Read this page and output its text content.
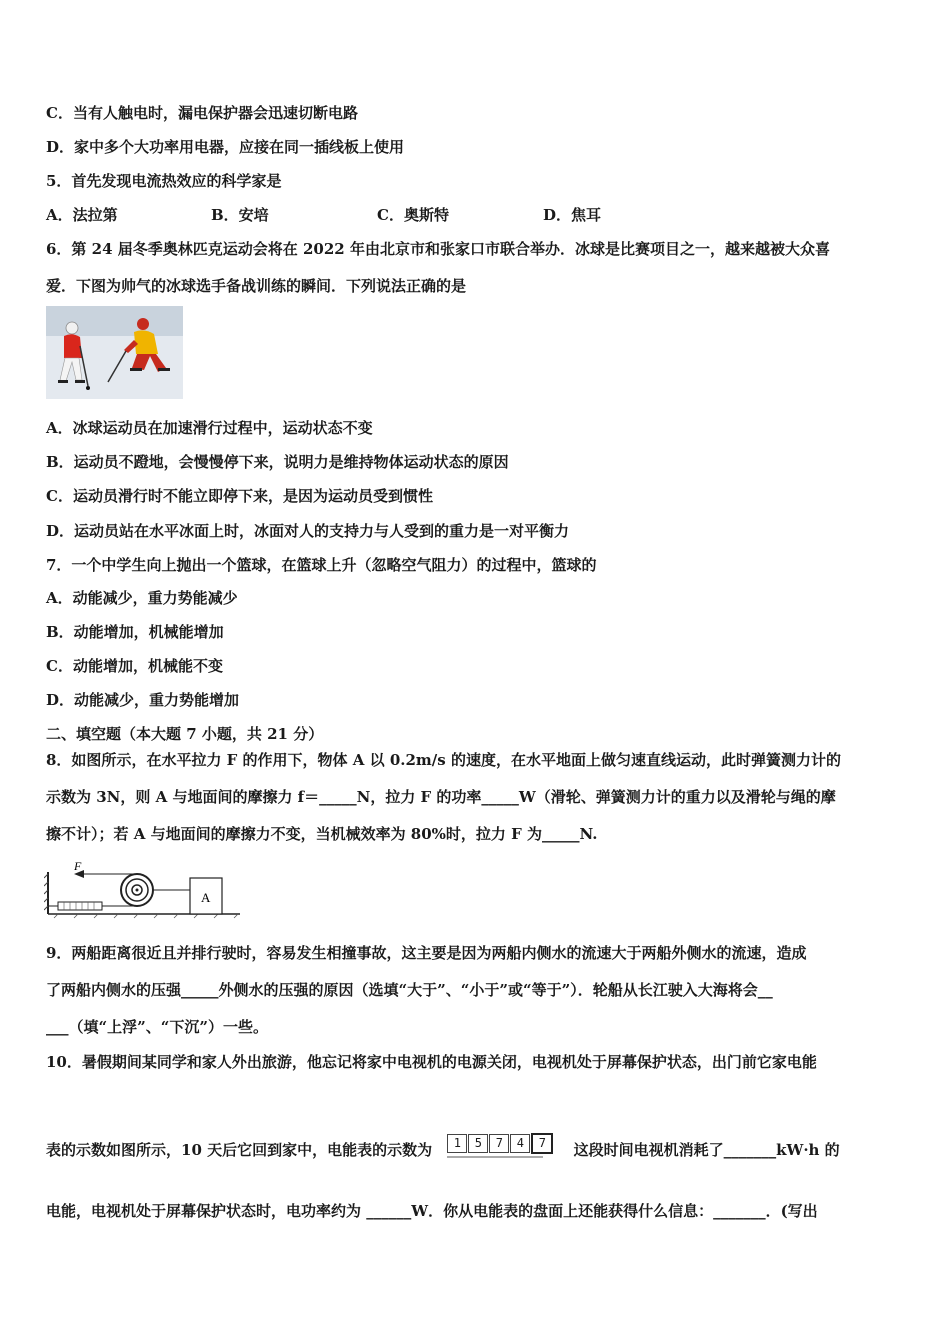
C．当有人触电时，漏电保护器会迅速切断电路
D．家中多个大功率用电器，应接在同一插线板上使用
5．首先发现电流热效应的科学家是
A．法拉第	B．安培	C．奥斯特	D．焦耳
6．第 24 届冬季奥林匹克运动会将在 2022 年由北京市和张家口市联合举办．冰球是比赛项目之一，越来越被大众喜
爱．下图为帅气的冰球选手备战训练的瞬间．下列说法正确的是
A．冰球运动员在加速滑行过程中，运动状态不变
B．运动员不蹬地，会慢慢停下来，说明力是维持物体运动状态的原因
C．运动员滑行时不能立即停下来，是因为运动员受到惯性
D．运动员站在水平冰面上时，冰面对人的支持力与人受到的重力是一对平衡力
7．一个中学生向上抛出一个篮球，在篮球上升（忽略空气阻力）的过程中，篮球的
A．动能减少，重力势能减少
B．动能增加，机械能增加
C．动能增加，机械能不变
D．动能减少，重力势能增加
二、填空题（本大题 7 小题，共 21 分）
8．如图所示，在水平拉力 F 的作用下，物体 A 以 0.2m/s 的速度，在水平地面上做匀速直线运动，此时弹簧测力计的
示数为 3N，则 A 与地面间的摩擦力 f＝_____N，拉力 F 的功率_____W（滑轮、弹簧测力计的重力以及滑轮与绳的摩
擦不计）；若 A 与地面间的摩擦力不变，当机械效率为 80%时，拉力 F 为_____N.
F
A
9．两船距离很近且并排行驶时，容易发生相撞事故，这主要是因为两船内侧水的流速大于两船外侧水的流速，造成
了两船内侧水的压强_____外侧水的压强的原因（选填“大于”、“小于”或“等于”）．轮船从长江驶入大海将会__
___（填“上浮”、“下沉”）一些。
10．暑假期间某同学和家人外出旅游，他忘记将家中电视机的电源关闭，电视机处于屏幕保护状态，出门前它家电能
表的示数如图所示，10 天后它回到家中，电能表的示数为 1 5 7 4 7 这段时间电视机消耗了_______kW·h 的
电能，电视机处于屏幕保护状态时，电功率约为 ______W．你从电能表的盘面上还能获得什么信息：_______．(写出
